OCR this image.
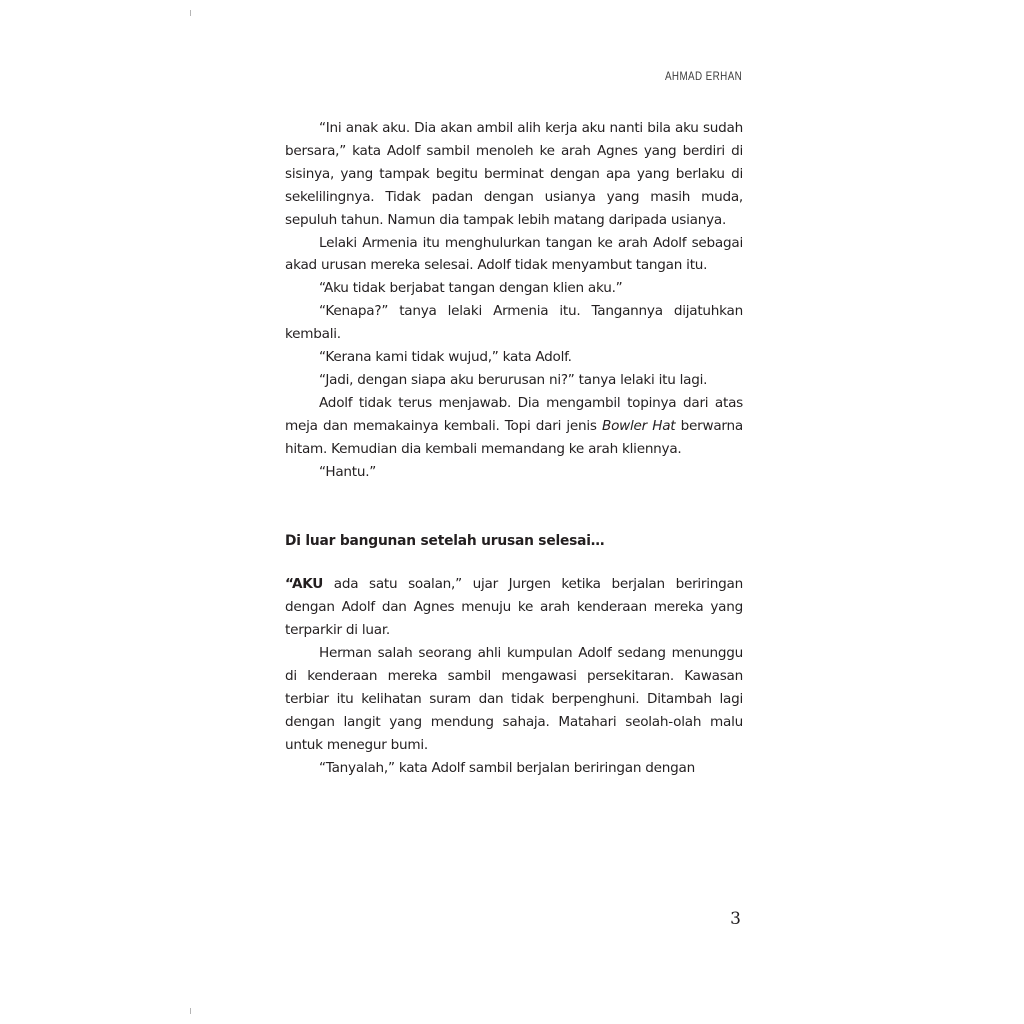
AHMAD ERHAN

“Ini anak aku. Dia akan ambil alih kerja aku nanti bila aku sudah bersara,” kata Adolf sambil menoleh ke arah Agnes yang berdiri di sisinya, yang tampak begitu berminat dengan apa yang berlaku di sekelilingnya. Tidak padan dengan usianya yang masih muda, sepuluh tahun. Namun dia tampak lebih matang daripada usianya.

Lelaki Armenia itu menghulurkan tangan ke arah Adolf sebagai akad urusan mereka selesai. Adolf tidak menyambut tangan itu.

“Aku tidak berjabat tangan dengan klien aku.”

“Kenapa?” tanya lelaki Armenia itu. Tangannya dijatuhkan kembali.

“Kerana kami tidak wujud,” kata Adolf.

“Jadi, dengan siapa aku berurusan ni?” tanya lelaki itu lagi.

Adolf tidak terus menjawab. Dia mengambil topinya dari atas meja dan memakainya kembali. Topi dari jenis Bowler Hat berwarna hitam. Kemudian dia kembali memandang ke arah kliennya.

“Hantu.”

Di luar bangunan setelah urusan selesai…

“AKU ada satu soalan,” ujar Jurgen ketika berjalan beriringan dengan Adolf dan Agnes menuju ke arah kenderaan mereka yang terparkir di luar.

Herman salah seorang ahli kumpulan Adolf sedang menunggu di kenderaan mereka sambil mengawasi persekitaran. Kawasan terbiar itu kelihatan suram dan tidak berpenghuni. Ditambah lagi dengan langit yang mendung sahaja. Matahari seolah-olah malu untuk menegur bumi.

“Tanyalah,” kata Adolf sambil berjalan beriringan dengan

3
